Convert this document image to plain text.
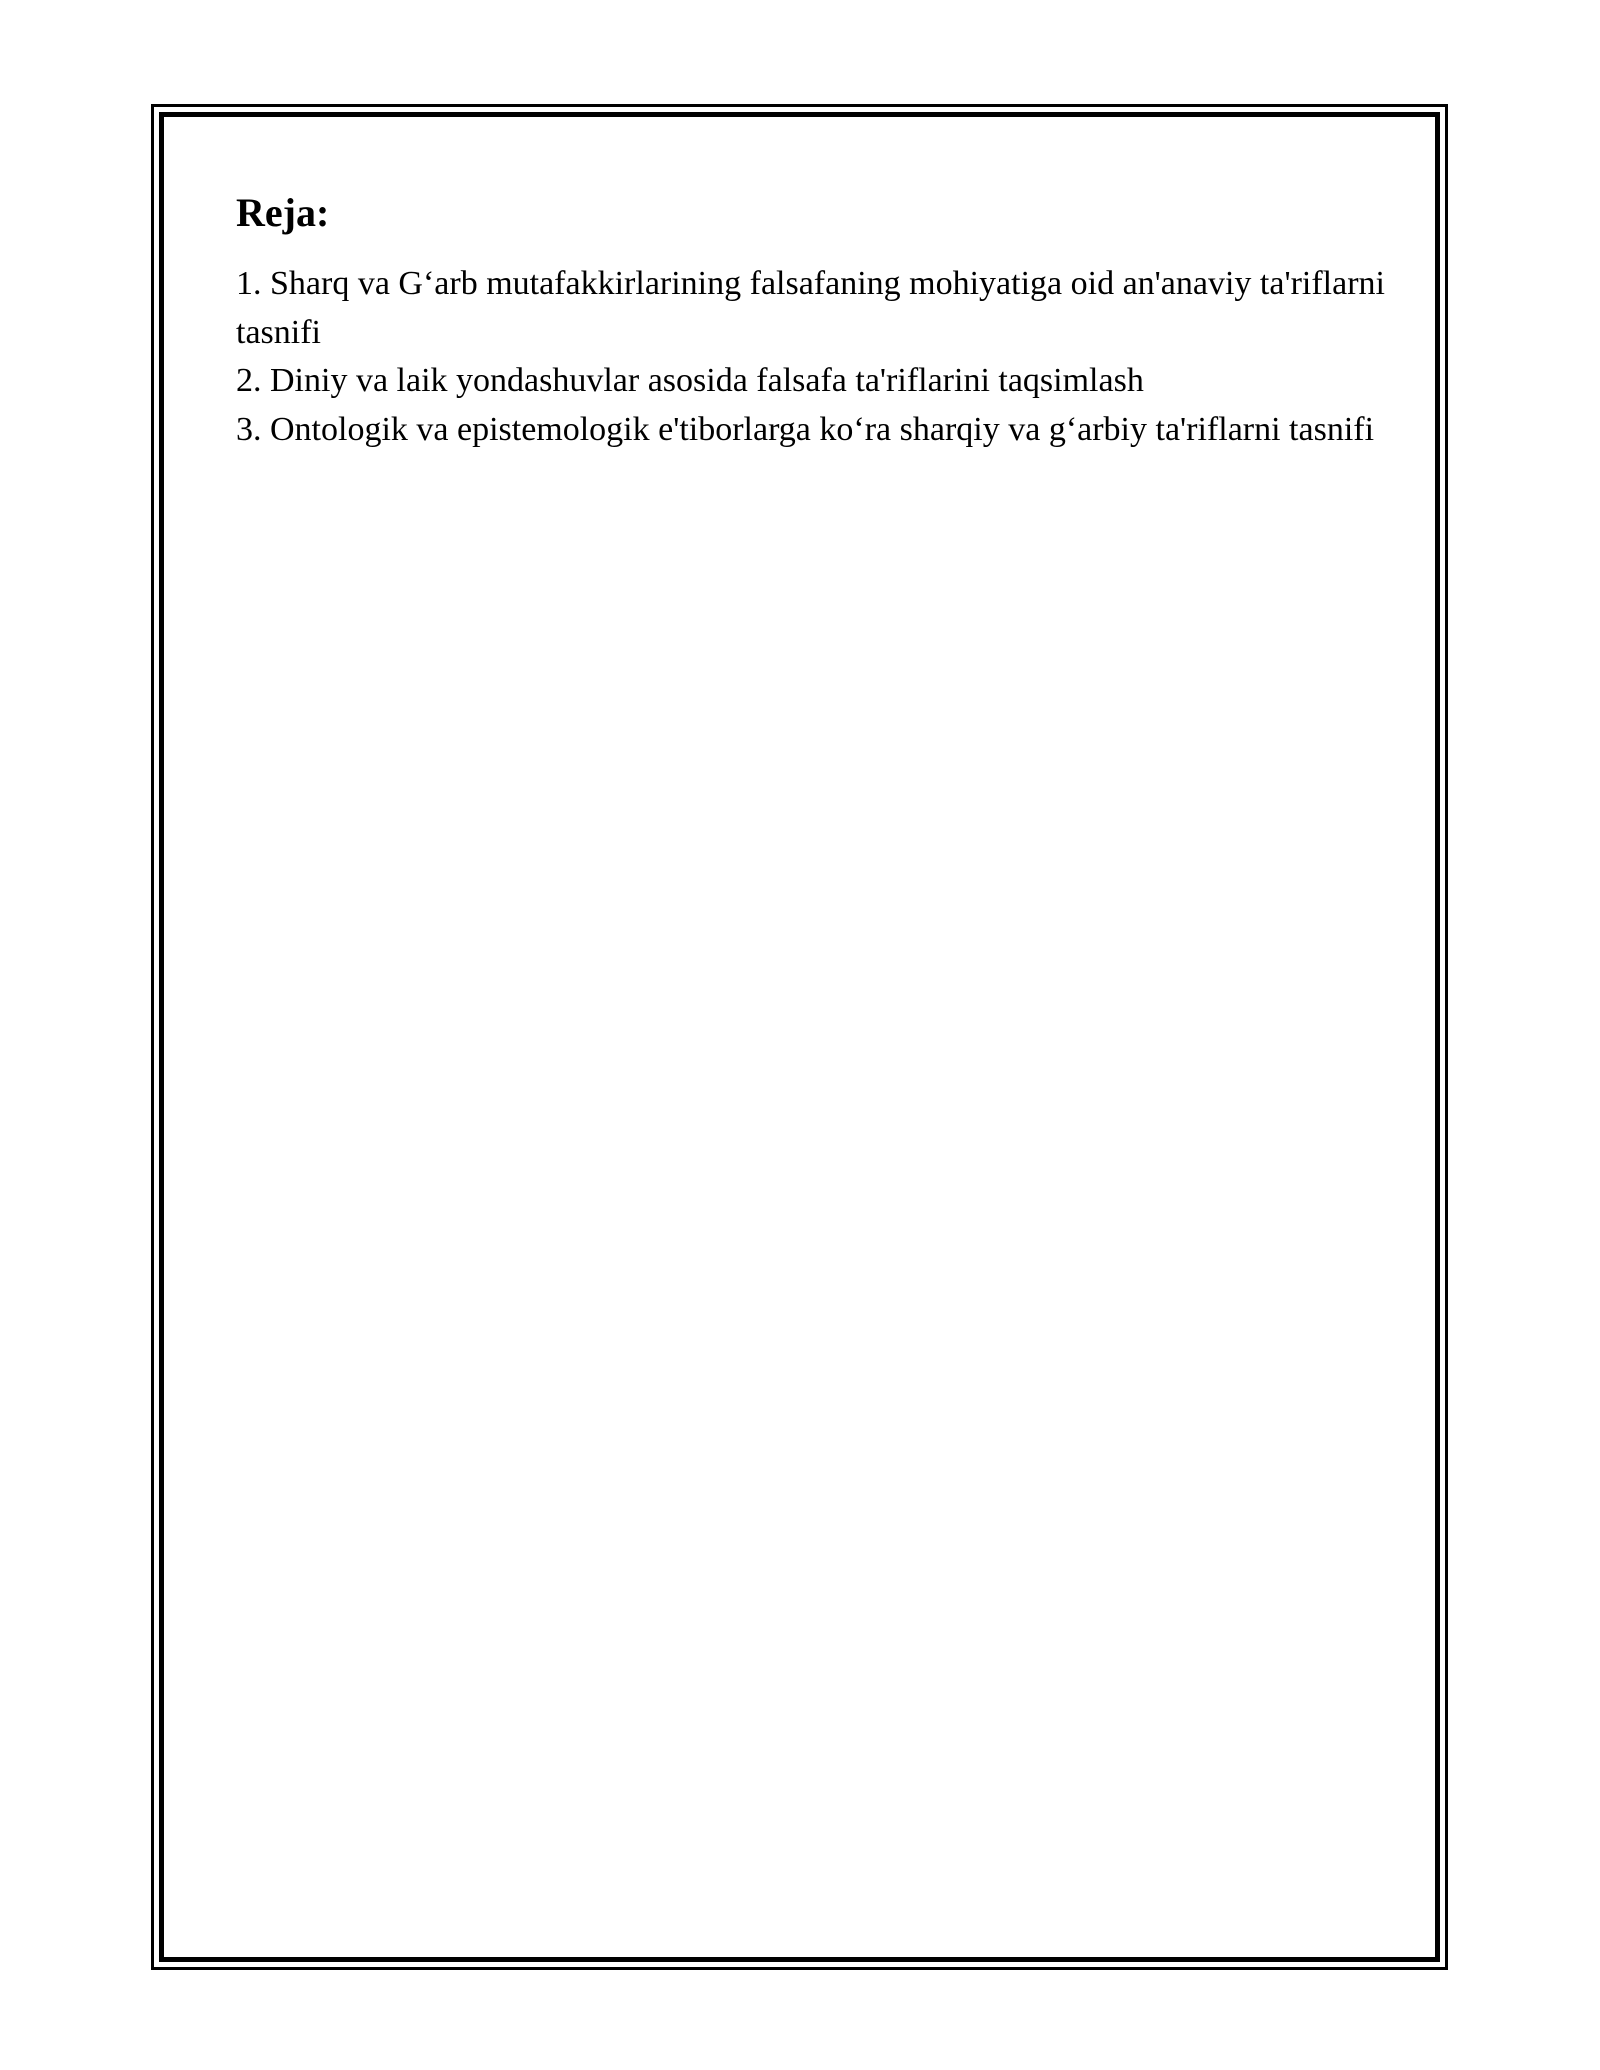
Reja:
1. Sharq va G‘arb mutafakkirlarining falsafaning mohiyatiga oid an'anaviy ta'riflarni tasnifi
2. Diniy va laik yondashuvlar asosida falsafa ta'riflarini taqsimlash
3. Ontologik va epistemologik e'tiborlarga ko‘ra sharqiy va g‘arbiy ta'riflarni tasnifi
